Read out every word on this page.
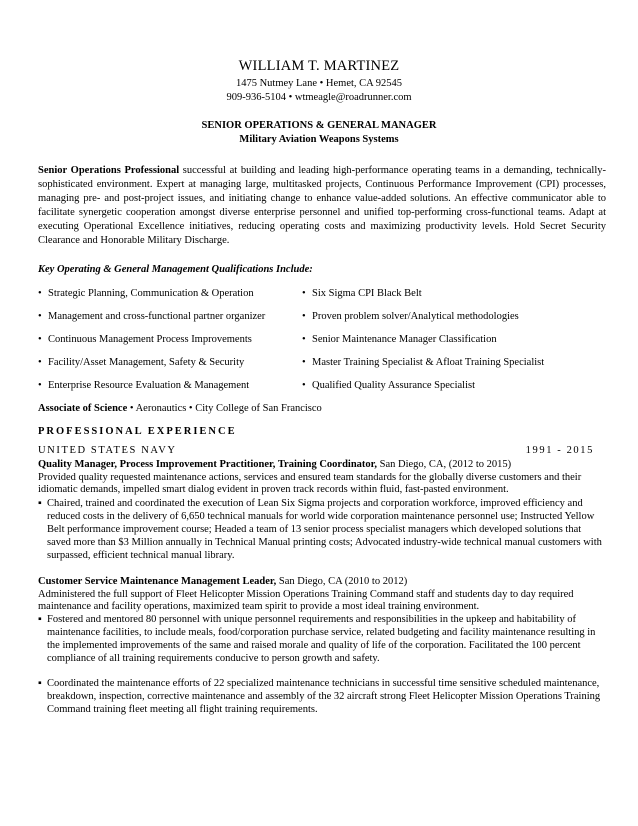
WILLIAM T. MARTINEZ
1475 Nutmey Lane • Hemet, CA 92545
909-936-5104 • wtmeagle@roadrunner.com
SENIOR OPERATIONS & GENERAL MANAGER
Military Aviation Weapons Systems
Senior Operations Professional successful at building and leading high-performance operating teams in a demanding, technically-sophisticated environment. Expert at managing large, multitasked projects, Continuous Performance Improvement (CPI) processes, managing pre- and post-project issues, and initiating change to enhance value-added solutions. An effective communicator able to facilitate synergetic cooperation amongst diverse enterprise personnel and unified top-performing cross-functional teams. Adapt at executing Operational Excellence initiatives, reducing operating costs and maximizing productivity levels. Hold Secret Security Clearance and Honorable Military Discharge.
Key Operating & General Management Qualifications Include:
• Strategic Planning, Communication & Operation
• Management and cross-functional partner organizer
• Continuous Management Process Improvements
• Facility/Asset Management, Safety & Security
• Enterprise Resource Evaluation & Management
• Six Sigma CPI Black Belt
• Proven problem solver/Analytical methodologies
• Senior Maintenance Manager Classification
• Master Training Specialist & Afloat Training Specialist
• Qualified Quality Assurance Specialist
Associate of Science • Aeronautics • City College of San Francisco
PROFESSIONAL EXPERIENCE
UNITED STATES NAVY	1991 - 2015
Quality Manager, Process Improvement Practitioner, Training Coordinator, San Diego, CA, (2012 to 2015)
Provided quality requested maintenance actions, services and ensured team standards for the globally diverse customers and their idiomatic demands, impelled smart dialog evident in proven track records within fluid, fast-pasted environment.
▪ Chaired, trained and coordinated the execution of Lean Six Sigma projects and corporation workforce, improved efficiency and reduced costs in the delivery of 6,650 technical manuals for world wide corporation maintenance personnel use; Instructed Yellow Belt performance improvement course; Headed a team of 13 senior process specialist managers which developed solutions that saved more than $3 Million annually in Technical Manual printing costs; Advocated industry-wide technical manual customers with surpassed, efficient technical manual library.
Customer Service Maintenance Management Leader, San Diego, CA (2010 to 2012)
Administered the full support of Fleet Helicopter Mission Operations Training Command staff and students day to day required maintenance and facility operations, maximized team spirit to provide a most ideal training environment.
▪ Fostered and mentored 80 personnel with unique personnel requirements and responsibilities in the upkeep and habitability of maintenance facilities, to include meals, food/corporation purchase service, related budgeting and facility maintenance resulting in the implemented improvements of the same and raised morale and quality of life of the corporation. Facilitated the 100 percent compliance of all training requirements conducive to person growth and safety.
▪ Coordinated the maintenance efforts of 22 specialized maintenance technicians in successful time sensitive scheduled maintenance, breakdown, inspection, corrective maintenance and assembly of the 32 aircraft strong Fleet Helicopter Mission Operations Training Command training fleet meeting all flight training requirements.
